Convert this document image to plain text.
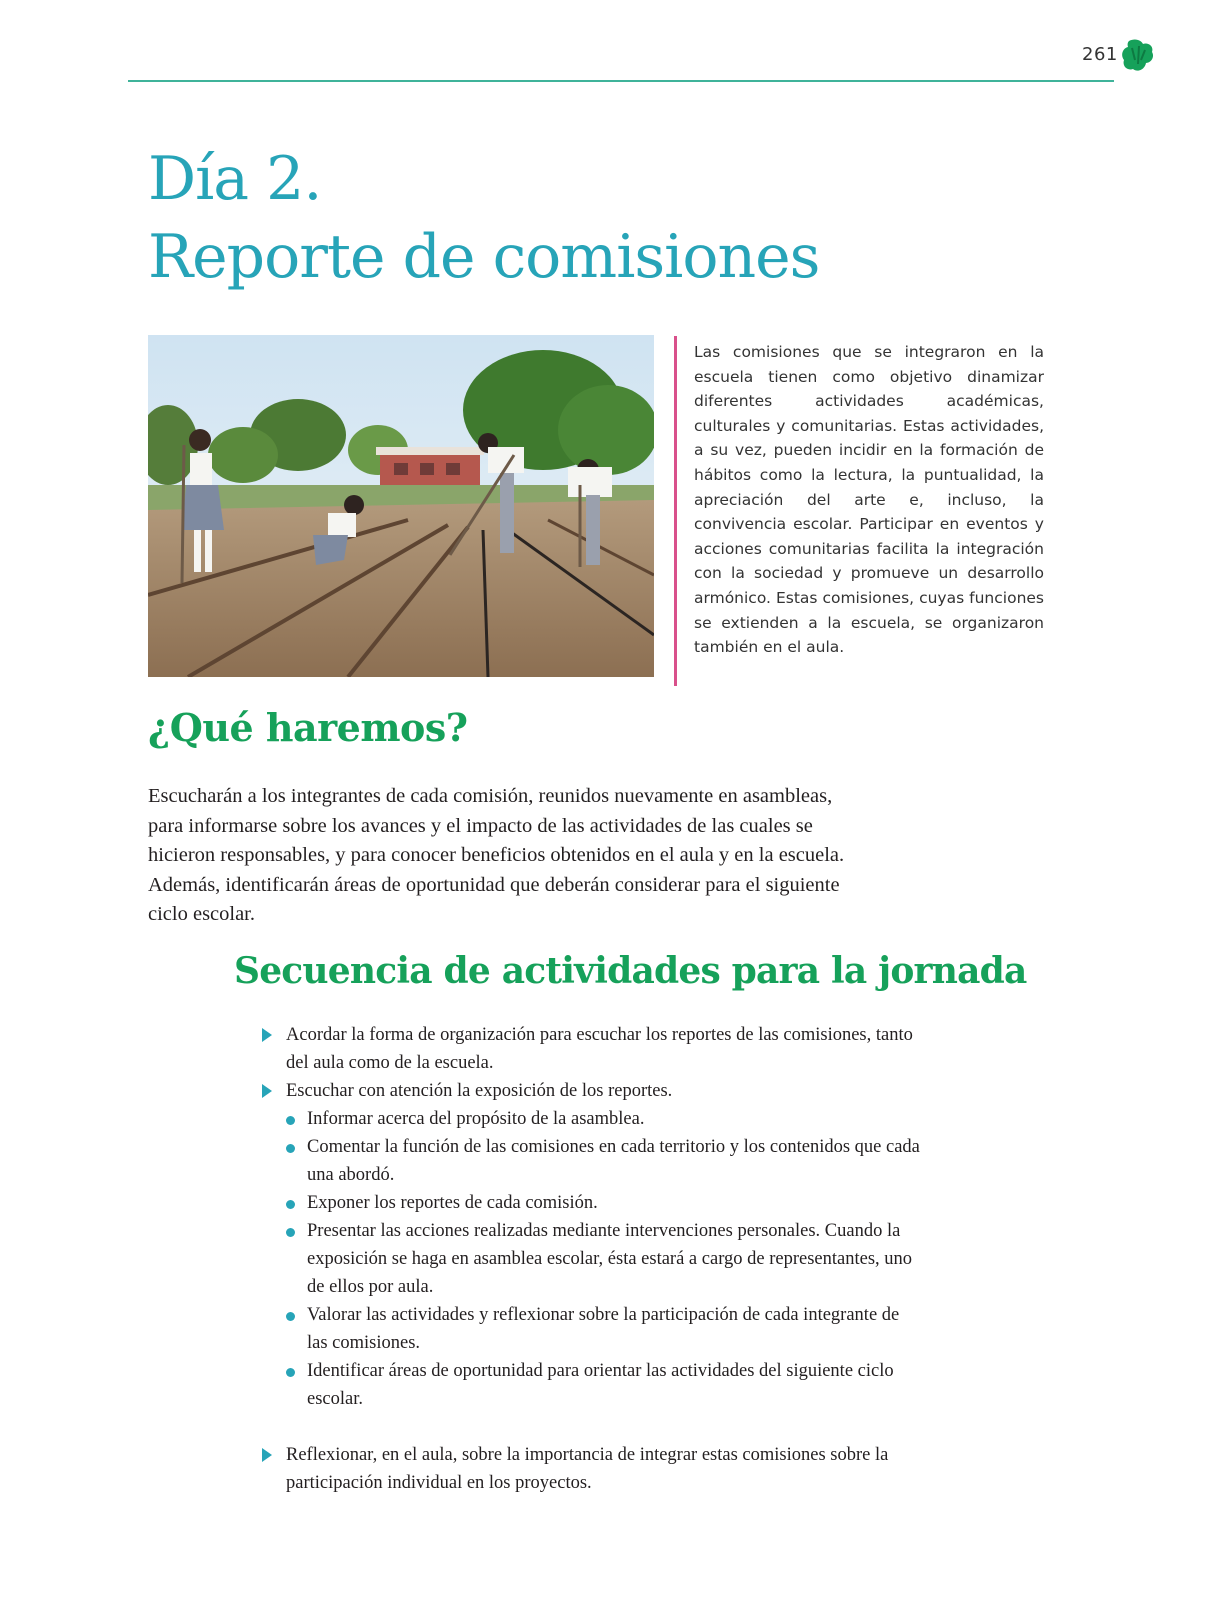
261
Día 2.
Reporte de comisiones

Las comisiones que se integraron en la escuela tienen como objetivo dinamizar diferentes actividades académicas, culturales y comunitarias. Estas actividades, a su vez, pueden incidir en la formación de hábitos como la lectura, la puntualidad, la apreciación del arte e, incluso, la convivencia escolar. Participar en eventos y acciones comunitarias facilita la integración con la sociedad y promueve un desarrollo armónico. Estas comisiones, cuyas funciones se extienden a la escuela, se organizaron también en el aula.

¿Qué haremos?

Escucharán a los integrantes de cada comisión, reunidos nuevamente en asambleas, para informarse sobre los avances y el impacto de las actividades de las cuales se hicieron responsables, y para conocer beneficios obtenidos en el aula y en la escuela. Además, identificarán áreas de oportunidad que deberán considerar para el siguiente ciclo escolar.

Secuencia de actividades para la jornada
Acordar la forma de organización para escuchar los reportes de las comisiones, tanto del aula como de la escuela.
Escuchar con atención la exposición de los reportes.
Informar acerca del propósito de la asamblea.
Comentar la función de las comisiones en cada territorio y los contenidos que cada una abordó.
Exponer los reportes de cada comisión.
Presentar las acciones realizadas mediante intervenciones personales. Cuando la exposición se haga en asamblea escolar, ésta estará a cargo de representantes, uno de ellos por aula.
Valorar las actividades y reflexionar sobre la participación de cada integrante de las comisiones.
Identificar áreas de oportunidad para orientar las actividades del siguiente ciclo escolar.
Reflexionar, en el aula, sobre la importancia de integrar estas comisiones sobre la participación individual en los proyectos.
